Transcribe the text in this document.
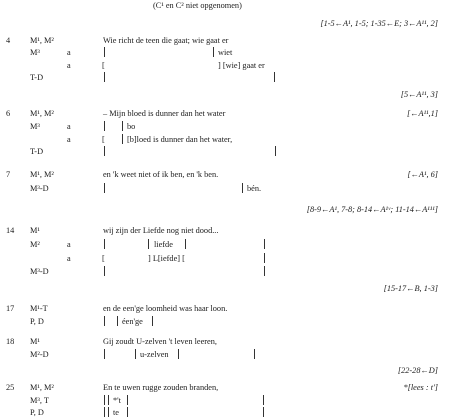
(C¹ en C² niet opgenomen)
[1-5←A¹, 1-5; 1-35←E; 3←A¹¹, 2]
4 M¹, M²	Wie richt de teen die gaat; wie gaat er
M³	a	wiet
a	[	] [wie] gaat er
T-D
[5←A¹¹, 3]
6 M¹, M²	– Mijn bloed is dunner dan het water	[←A¹¹,1]
M³	a	bo
a	[	[b]loed is dunner dan het water,
T-D
7 M¹, M²	en 'k weet niet of ik ben, en 'k ben.	[←A¹, 6]
M³-D	bén.
[8-9←A¹, 7-8; 8-14←A¹ᵛ; 11-14←A¹¹¹]
14 M¹	wij zijn der Liefde nog niet dood...
M²	a	liefde
a	[	] L[iefde] [
M³-D
[15-17←B, 1-3]
17 M¹-T	en de een'ge loomheid was haar loon.
P, D	éen'ge
18 M¹	Gij zoudt U-zelven 't leven leeren,
M²-D	u-zelven
[22-28←D]
25 M¹, M²	En te uwen rugge zouden branden,	*[lees : t']
M³, T	*'t
P, D	te
